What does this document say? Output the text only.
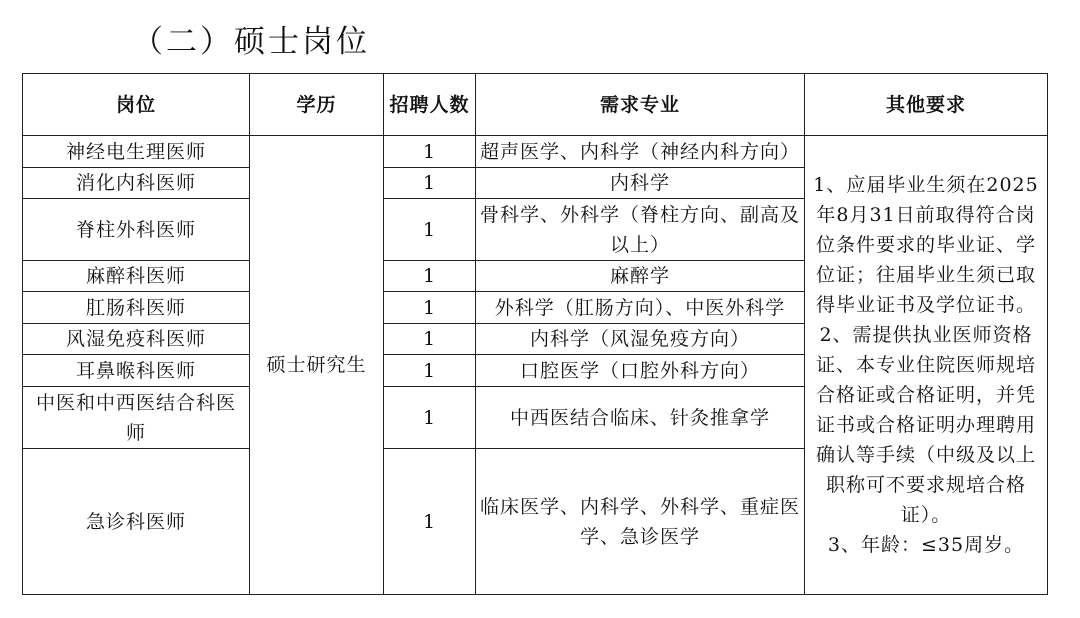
（二）硕士岗位
岗位	学历	招聘人数	需求专业	其他要求
神经电生理医师	硕士研究生	1	超声医学、内科学（神经内科方向）	1、应届毕业生须在2025年8月31日前取得符合岗位条件要求的毕业证、学位证；往届毕业生须已取得毕业证书及学位证书。
2、需提供执业医师资格证、本专业住院医师规培合格证或合格证明，并凭证书或合格证明办理聘用确认等手续（中级及以上职称可不要求规培合格证）。
3、年龄：≤35周岁。

消化内科医师		1	内科学	
脊柱外科医师		1	骨科学、外科学（脊柱方向、副高及以上）	
麻醉科医师		1	麻醉学	
肛肠科医师		1	外科学（肛肠方向）、中医外科学	
风湿免疫科医师		1	内科学（风湿免疫方向）	
耳鼻喉科医师		1	口腔医学（口腔外科方向）	
中医和中西医结合科医师		1	中西医结合临床、针灸推拿学	
急诊科医师		1	临床医学、内科学、外科学、重症医学、急诊医学	
